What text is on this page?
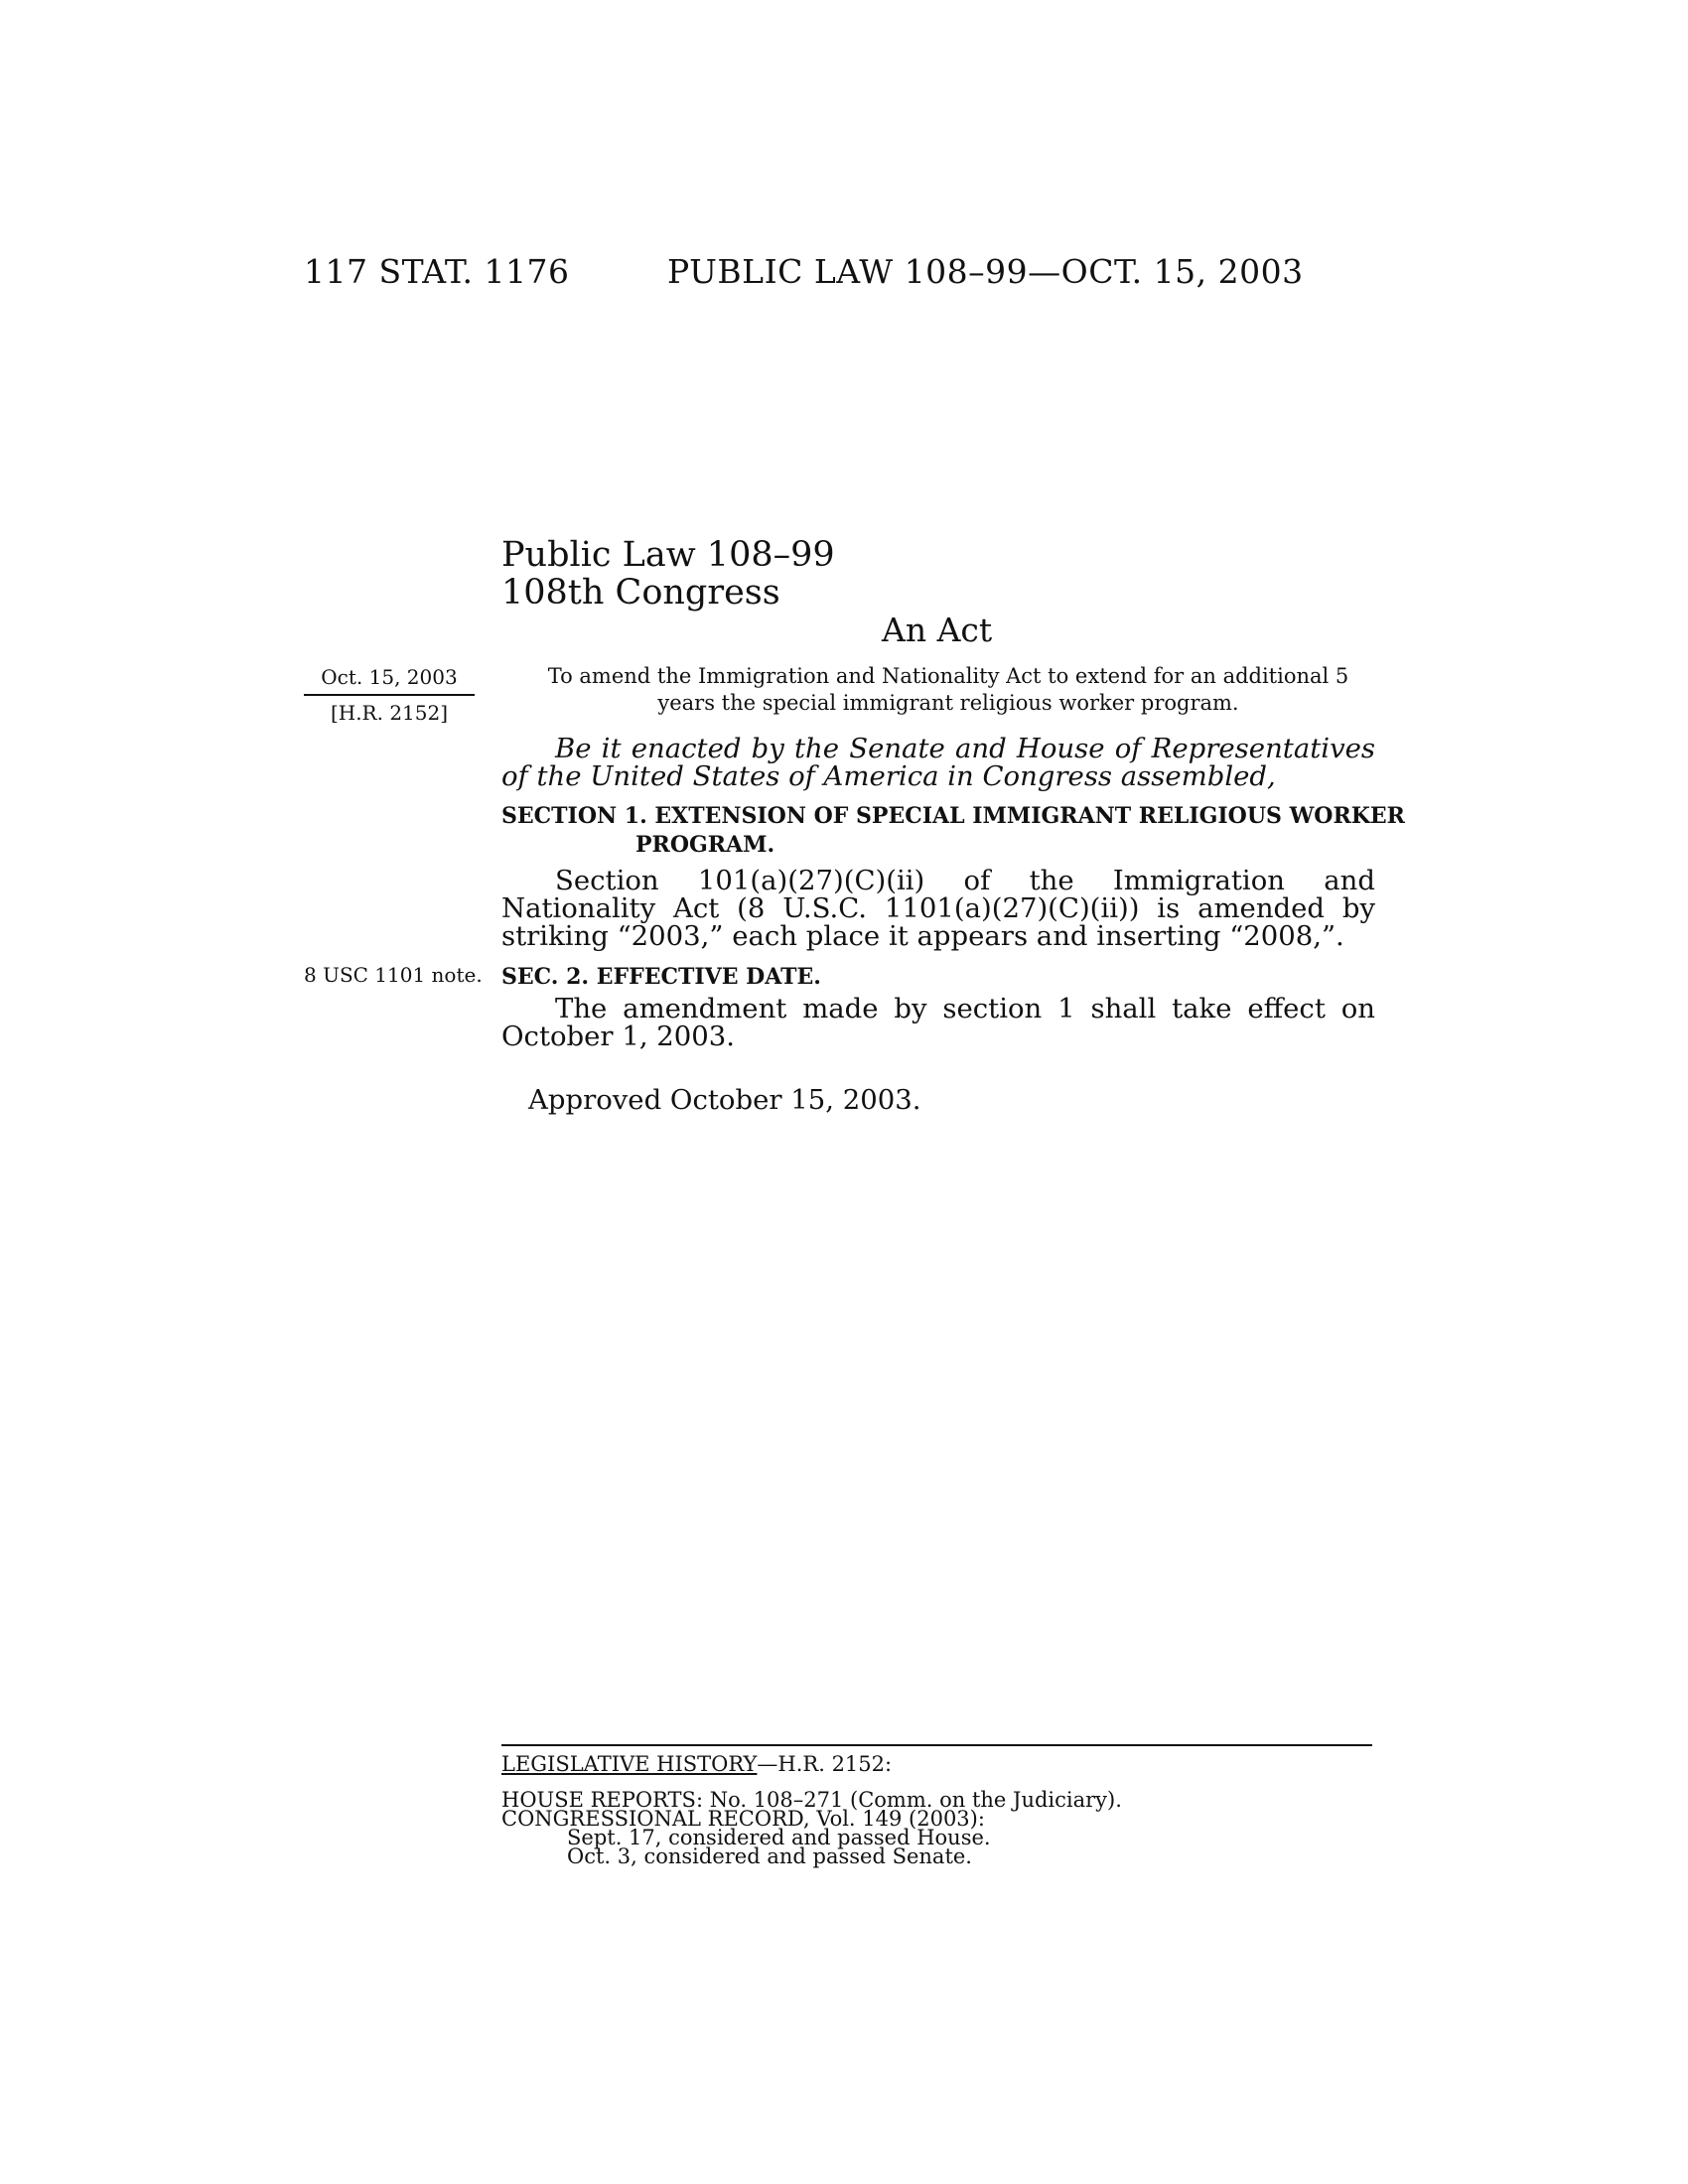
117 STAT. 1176	PUBLIC LAW 108–99—OCT. 15, 2003
Public Law 108–99
108th Congress
An Act
Oct. 15, 2003
[H.R. 2152]
To amend the Immigration and Nationality Act to extend for an additional 5 years the special immigrant religious worker program.
Be it enacted by the Senate and House of Representatives of the United States of America in Congress assembled,
SECTION 1. EXTENSION OF SPECIAL IMMIGRANT RELIGIOUS WORKER PROGRAM.
Section 101(a)(27)(C)(ii) of the Immigration and Nationality Act (8 U.S.C. 1101(a)(27)(C)(ii)) is amended by striking “2003,” each place it appears and inserting “2008,”.
8 USC 1101 note. SEC. 2. EFFECTIVE DATE.
The amendment made by section 1 shall take effect on October 1, 2003.
Approved October 15, 2003.
LEGISLATIVE HISTORY—H.R. 2152:
HOUSE REPORTS: No. 108–271 (Comm. on the Judiciary).
CONGRESSIONAL RECORD, Vol. 149 (2003):
Sept. 17, considered and passed House.
Oct. 3, considered and passed Senate.
